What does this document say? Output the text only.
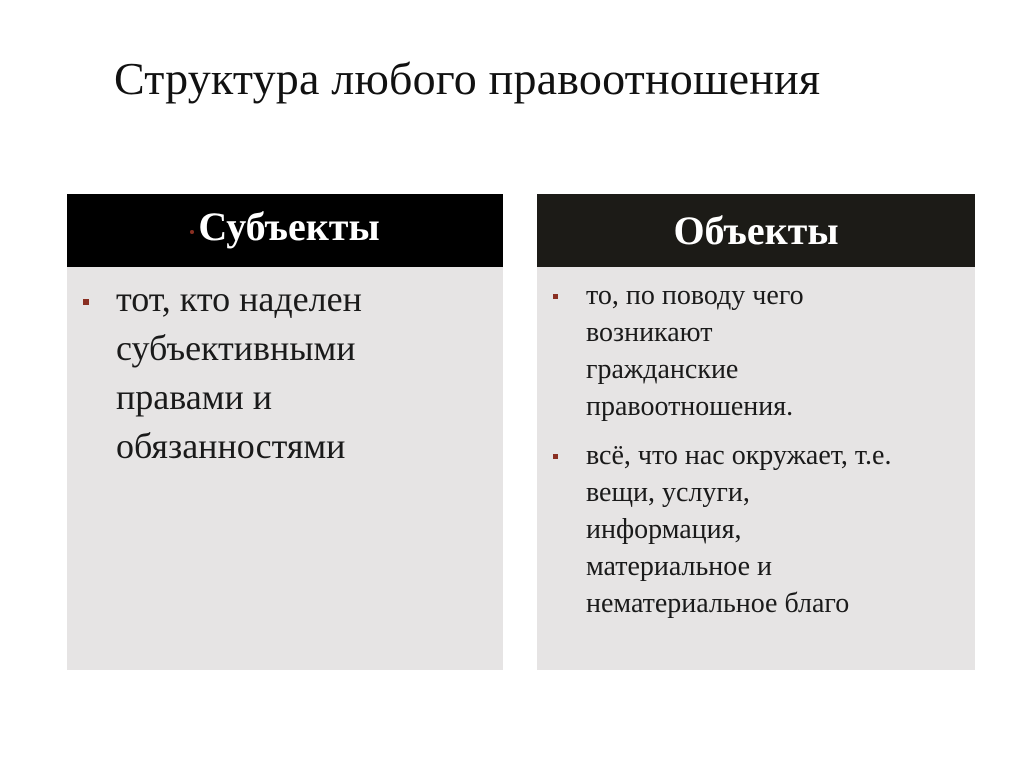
Структура любого правоотношения
Субъекты
тот, кто наделен
субъективными
правами и
обязанностями
Объекты
то, по поводу чего
возникают
гражданские
правоотношения.
всё, что нас окружает, т.е.
вещи, услуги,
информация,
материальное и
нематериальное благо
